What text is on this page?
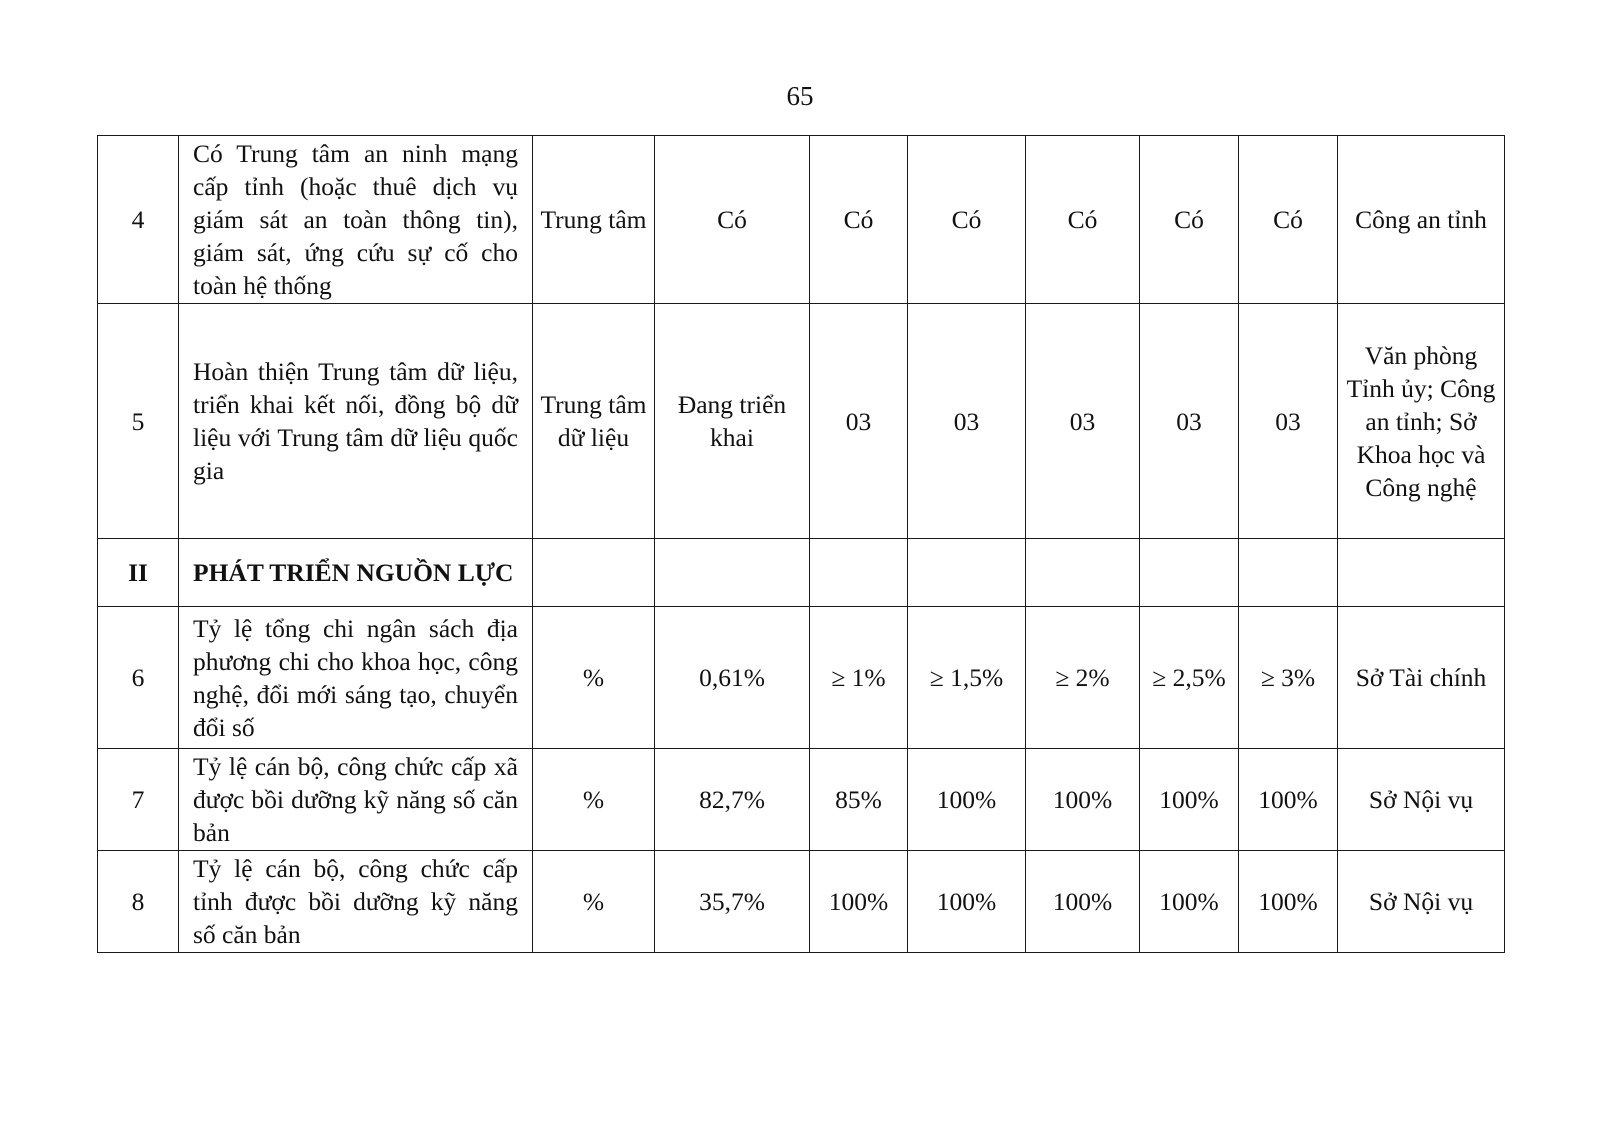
65
4	Có Trung tâm an ninh mạng cấp tỉnh (hoặc thuê dịch vụ giám sát an toàn thông tin), giám sát, ứng cứu sự cố cho toàn hệ thống	Trung tâm	Có	Có	Có	Có	Có	Có	Công an tỉnh
5	Hoàn thiện Trung tâm dữ liệu, triển khai kết nối, đồng bộ dữ liệu với Trung tâm dữ liệu quốc gia	Trung tâm dữ liệu	Đang triển khai	03	03	03	03	03	Văn phòng Tỉnh ủy; Công an tỉnh; Sở Khoa học và Công nghệ
II	PHÁT TRIỂN NGUỒN LỰC								
6	Tỷ lệ tổng chi ngân sách địa phương chi cho khoa học, công nghệ, đổi mới sáng tạo, chuyển đổi số	%	0,61%	≥ 1%	≥ 1,5%	≥ 2%	≥ 2,5%	≥ 3%	Sở Tài chính
7	Tỷ lệ cán bộ, công chức cấp xã được bồi dưỡng kỹ năng số căn bản	%	82,7%	85%	100%	100%	100%	100%	Sở Nội vụ
8	Tỷ lệ cán bộ, công chức cấp tỉnh được bồi dưỡng kỹ năng số căn bản	%	35,7%	100%	100%	100%	100%	100%	Sở Nội vụ
